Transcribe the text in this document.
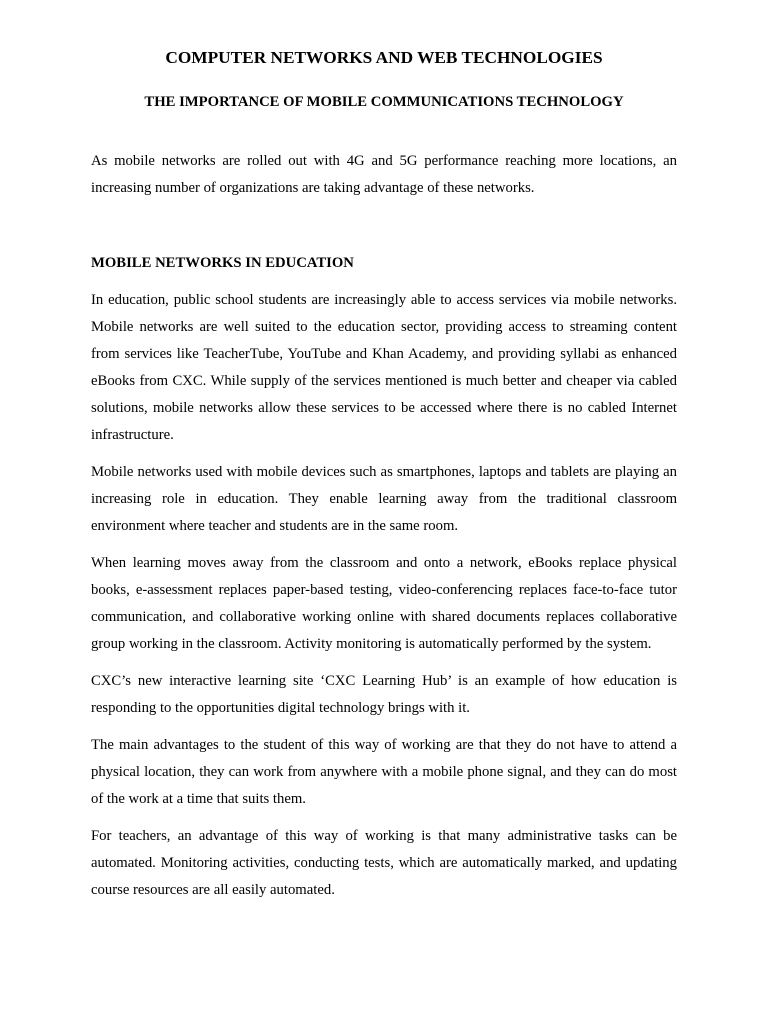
COMPUTER NETWORKS AND WEB TECHNOLOGIES
THE IMPORTANCE OF MOBILE COMMUNICATIONS TECHNOLOGY

As mobile networks are rolled out with 4G and 5G performance reaching more locations, an increasing number of organizations are taking advantage of these networks.

MOBILE NETWORKS IN EDUCATION

In education, public school students are increasingly able to access services via mobile networks. Mobile networks are well suited to the education sector, providing access to streaming content from services like TeacherTube, YouTube and Khan Academy, and providing syllabi as enhanced eBooks from CXC. While supply of the services mentioned is much better and cheaper via cabled solutions, mobile networks allow these services to be accessed where there is no cabled Internet infrastructure.

Mobile networks used with mobile devices such as smartphones, laptops and tablets are playing an increasing role in education. They enable learning away from the traditional classroom environment where teacher and students are in the same room.

When learning moves away from the classroom and onto a network, eBooks replace physical books, e-assessment replaces paper-based testing, video-conferencing replaces face-to-face tutor communication, and collaborative working online with shared documents replaces collaborative group working in the classroom. Activity monitoring is automatically performed by the system.

CXC’s new interactive learning site ‘CXC Learning Hub’ is an example of how education is responding to the opportunities digital technology brings with it.

The main advantages to the student of this way of working are that they do not have to attend a physical location, they can work from anywhere with a mobile phone signal, and they can do most of the work at a time that suits them.

For teachers, an advantage of this way of working is that many administrative tasks can be automated. Monitoring activities, conducting tests, which are automatically marked, and updating course resources are all easily automated.
